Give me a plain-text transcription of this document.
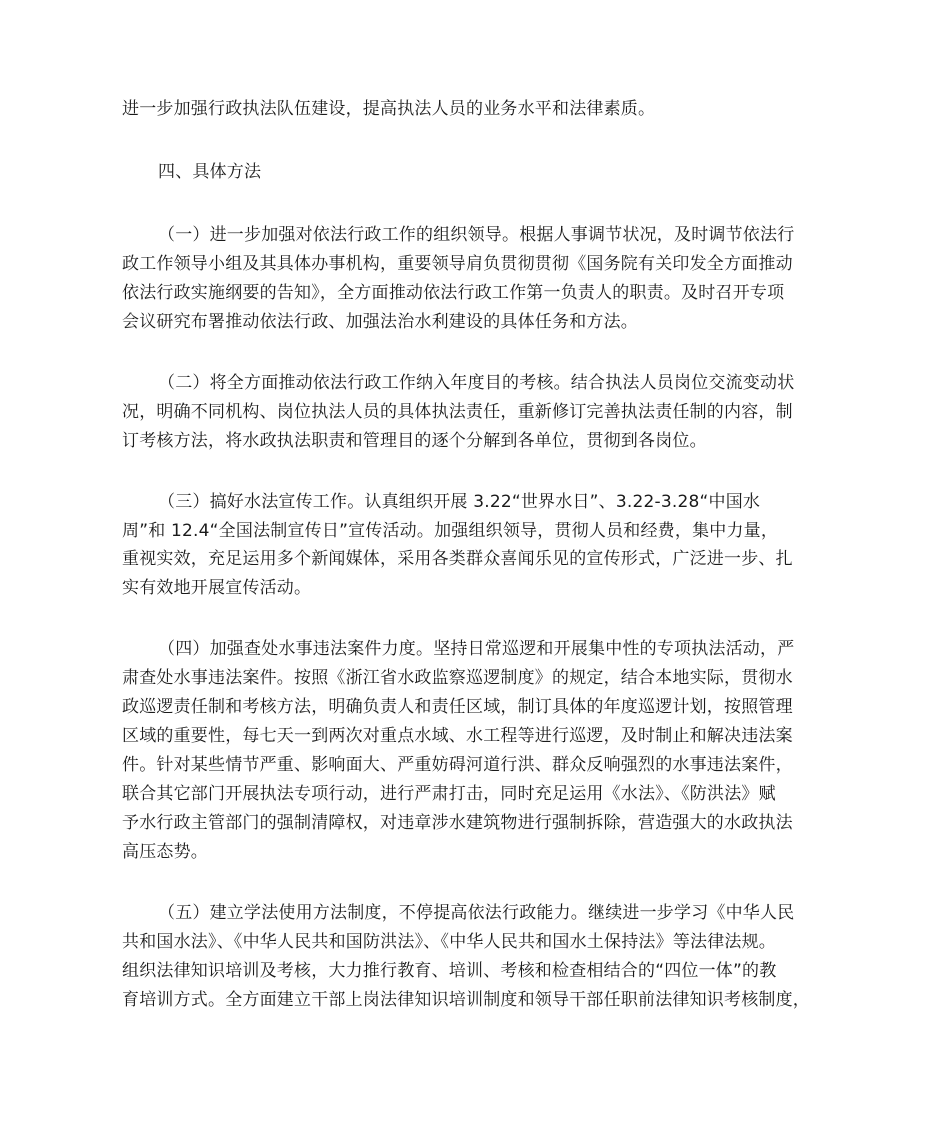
进一步加强行政执法队伍建设，提高执法人员的业务水平和法律素质。

四、具体方法

（一）进一步加强对依法行政工作的组织领导。根据人事调节状况，及时调节依法行

政工作领导小组及其具体办事机构，重要领导肩负贯彻贯彻《国务院有关印发全方面推动

依法行政实施纲要的告知》，全方面推动依法行政工作第一负责人的职责。及时召开专项

会议研究布署推动依法行政、加强法治水利建设的具体任务和方法。

（二）将全方面推动依法行政工作纳入年度目的考核。结合执法人员岗位交流变动状

况，明确不同机构、岗位执法人员的具体执法责任，重新修订完善执法责任制的内容，制

订考核方法，将水政执法职责和管理目的逐个分解到各单位，贯彻到各岗位。

（三）搞好水法宣传工作。认真组织开展 3.22“世界水日”、3.22-3.28“中国水

周”和 12.4“全国法制宣传日”宣传活动。加强组织领导，贯彻人员和经费，集中力量，

重视实效，充足运用多个新闻媒体，采用各类群众喜闻乐见的宣传形式，广泛进一步、扎

实有效地开展宣传活动。

（四）加强查处水事违法案件力度。坚持日常巡逻和开展集中性的专项执法活动，严

肃查处水事违法案件。按照《浙江省水政监察巡逻制度》的规定，结合本地实际，贯彻水

政巡逻责任制和考核方法，明确负责人和责任区域，制订具体的年度巡逻计划，按照管理

区域的重要性，每七天一到两次对重点水域、水工程等进行巡逻，及时制止和解决违法案

件。针对某些情节严重、影响面大、严重妨碍河道行洪、群众反响强烈的水事违法案件，

联合其它部门开展执法专项行动，进行严肃打击，同时充足运用《水法》、《防洪法》赋

予水行政主管部门的强制清障权，对违章涉水建筑物进行强制拆除，营造强大的水政执法

高压态势。

（五）建立学法使用方法制度，不停提高依法行政能力。继续进一步学习《中华人民

共和国水法》、《中华人民共和国防洪法》、《中华人民共和国水土保持法》等法律法规。

组织法律知识培训及考核，大力推行教育、培训、考核和检查相结合的“四位一体”的教

育培训方式。全方面建立干部上岗法律知识培训制度和领导干部任职前法律知识考核制度，
